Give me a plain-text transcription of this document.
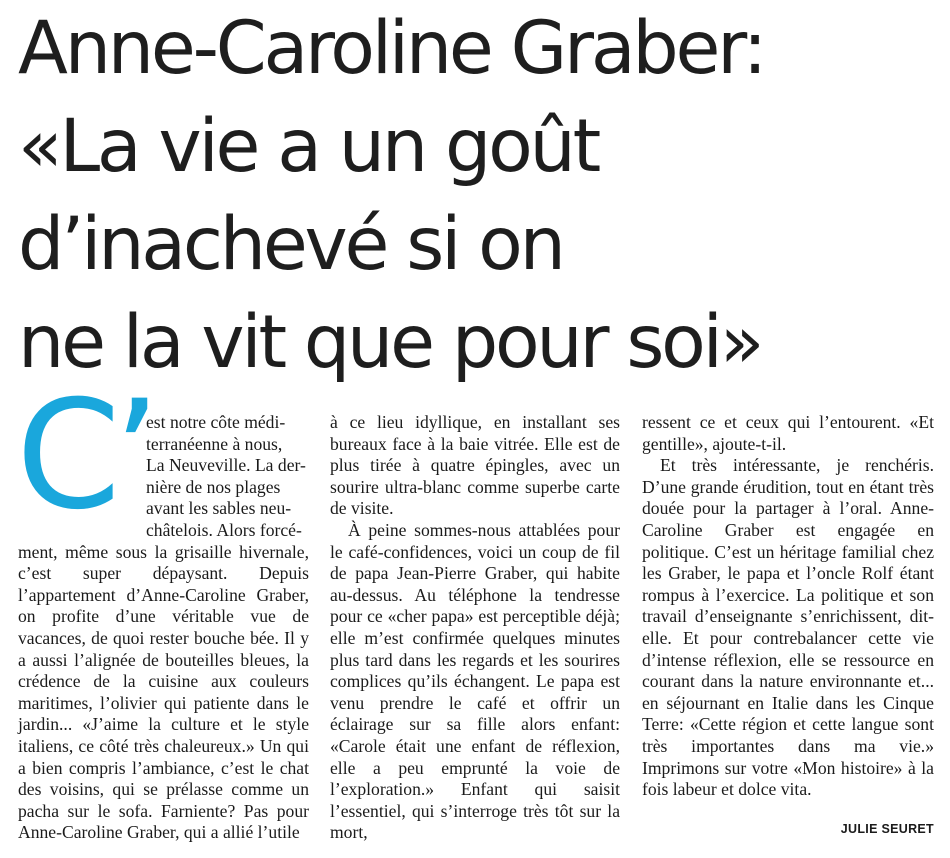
Anne-Caroline Graber:
«La vie a un goût
d’inachevé si on
ne la vit que pour soi»
C’

est notre côte médi-

terranéenne à nous,

La Neuveville. La der-

nière de nos plages

avant les sables neu-

châtelois. Alors forcé-

ment, même sous la grisaille hivernale, c’est super dépaysant. Depuis l’appartement d’Anne-Caroline Graber, on profite d’une véritable vue de vacances, de quoi rester bouche bée. Il y a aussi l’alignée de bouteilles bleues, la crédence de la cuisine aux couleurs maritimes, l’olivier qui patiente dans le jardin... «J’aime la culture et le style italiens, ce côté très chaleureux.» Un qui a bien compris l’ambiance, c’est le chat des voisins, qui se prélasse comme un pacha sur le sofa. Farniente? Pas pour Anne-Caroline Graber, qui a allié l’utile

à ce lieu idyllique, en installant ses bureaux face à la baie vitrée. Elle est de plus tirée à quatre épingles, avec un sourire ultra-blanc comme superbe carte de visite.

À peine sommes-nous attablées pour le café-confidences, voici un coup de fil de papa Jean-Pierre Graber, qui habite au-dessus. Au téléphone la tendresse pour ce «cher papa» est perceptible déjà; elle m’est confirmée quelques minutes plus tard dans les regards et les sourires complices qu’ils échangent. Le papa est venu prendre le café et offrir un éclairage sur sa fille alors enfant: «Carole était une enfant de réflexion, elle a peu emprunté la voie de l’exploration.» Enfant qui saisit l’essentiel, qui s’interroge très tôt sur la mort,

ressent ce et ceux qui l’entourent. «Et gentille», ajoute-t-il.

Et très intéressante, je renchéris. D’une grande érudition, tout en étant très douée pour la partager à l’oral. Anne-Caroline Graber est engagée en politique. C’est un héritage familial chez les Graber, le papa et l’oncle Rolf étant rompus à l’exercice. La politique et son travail d’enseignante s’enrichissent, dit-elle. Et pour contrebalancer cette vie d’intense réflexion, elle se ressource en courant dans la nature environnante et... en séjournant en Italie dans les Cinque Terre: «Cette région et cette langue sont très importantes dans ma vie.» Imprimons sur votre «Mon histoire» à la fois labeur et dolce vita.

JULIE SEURET
